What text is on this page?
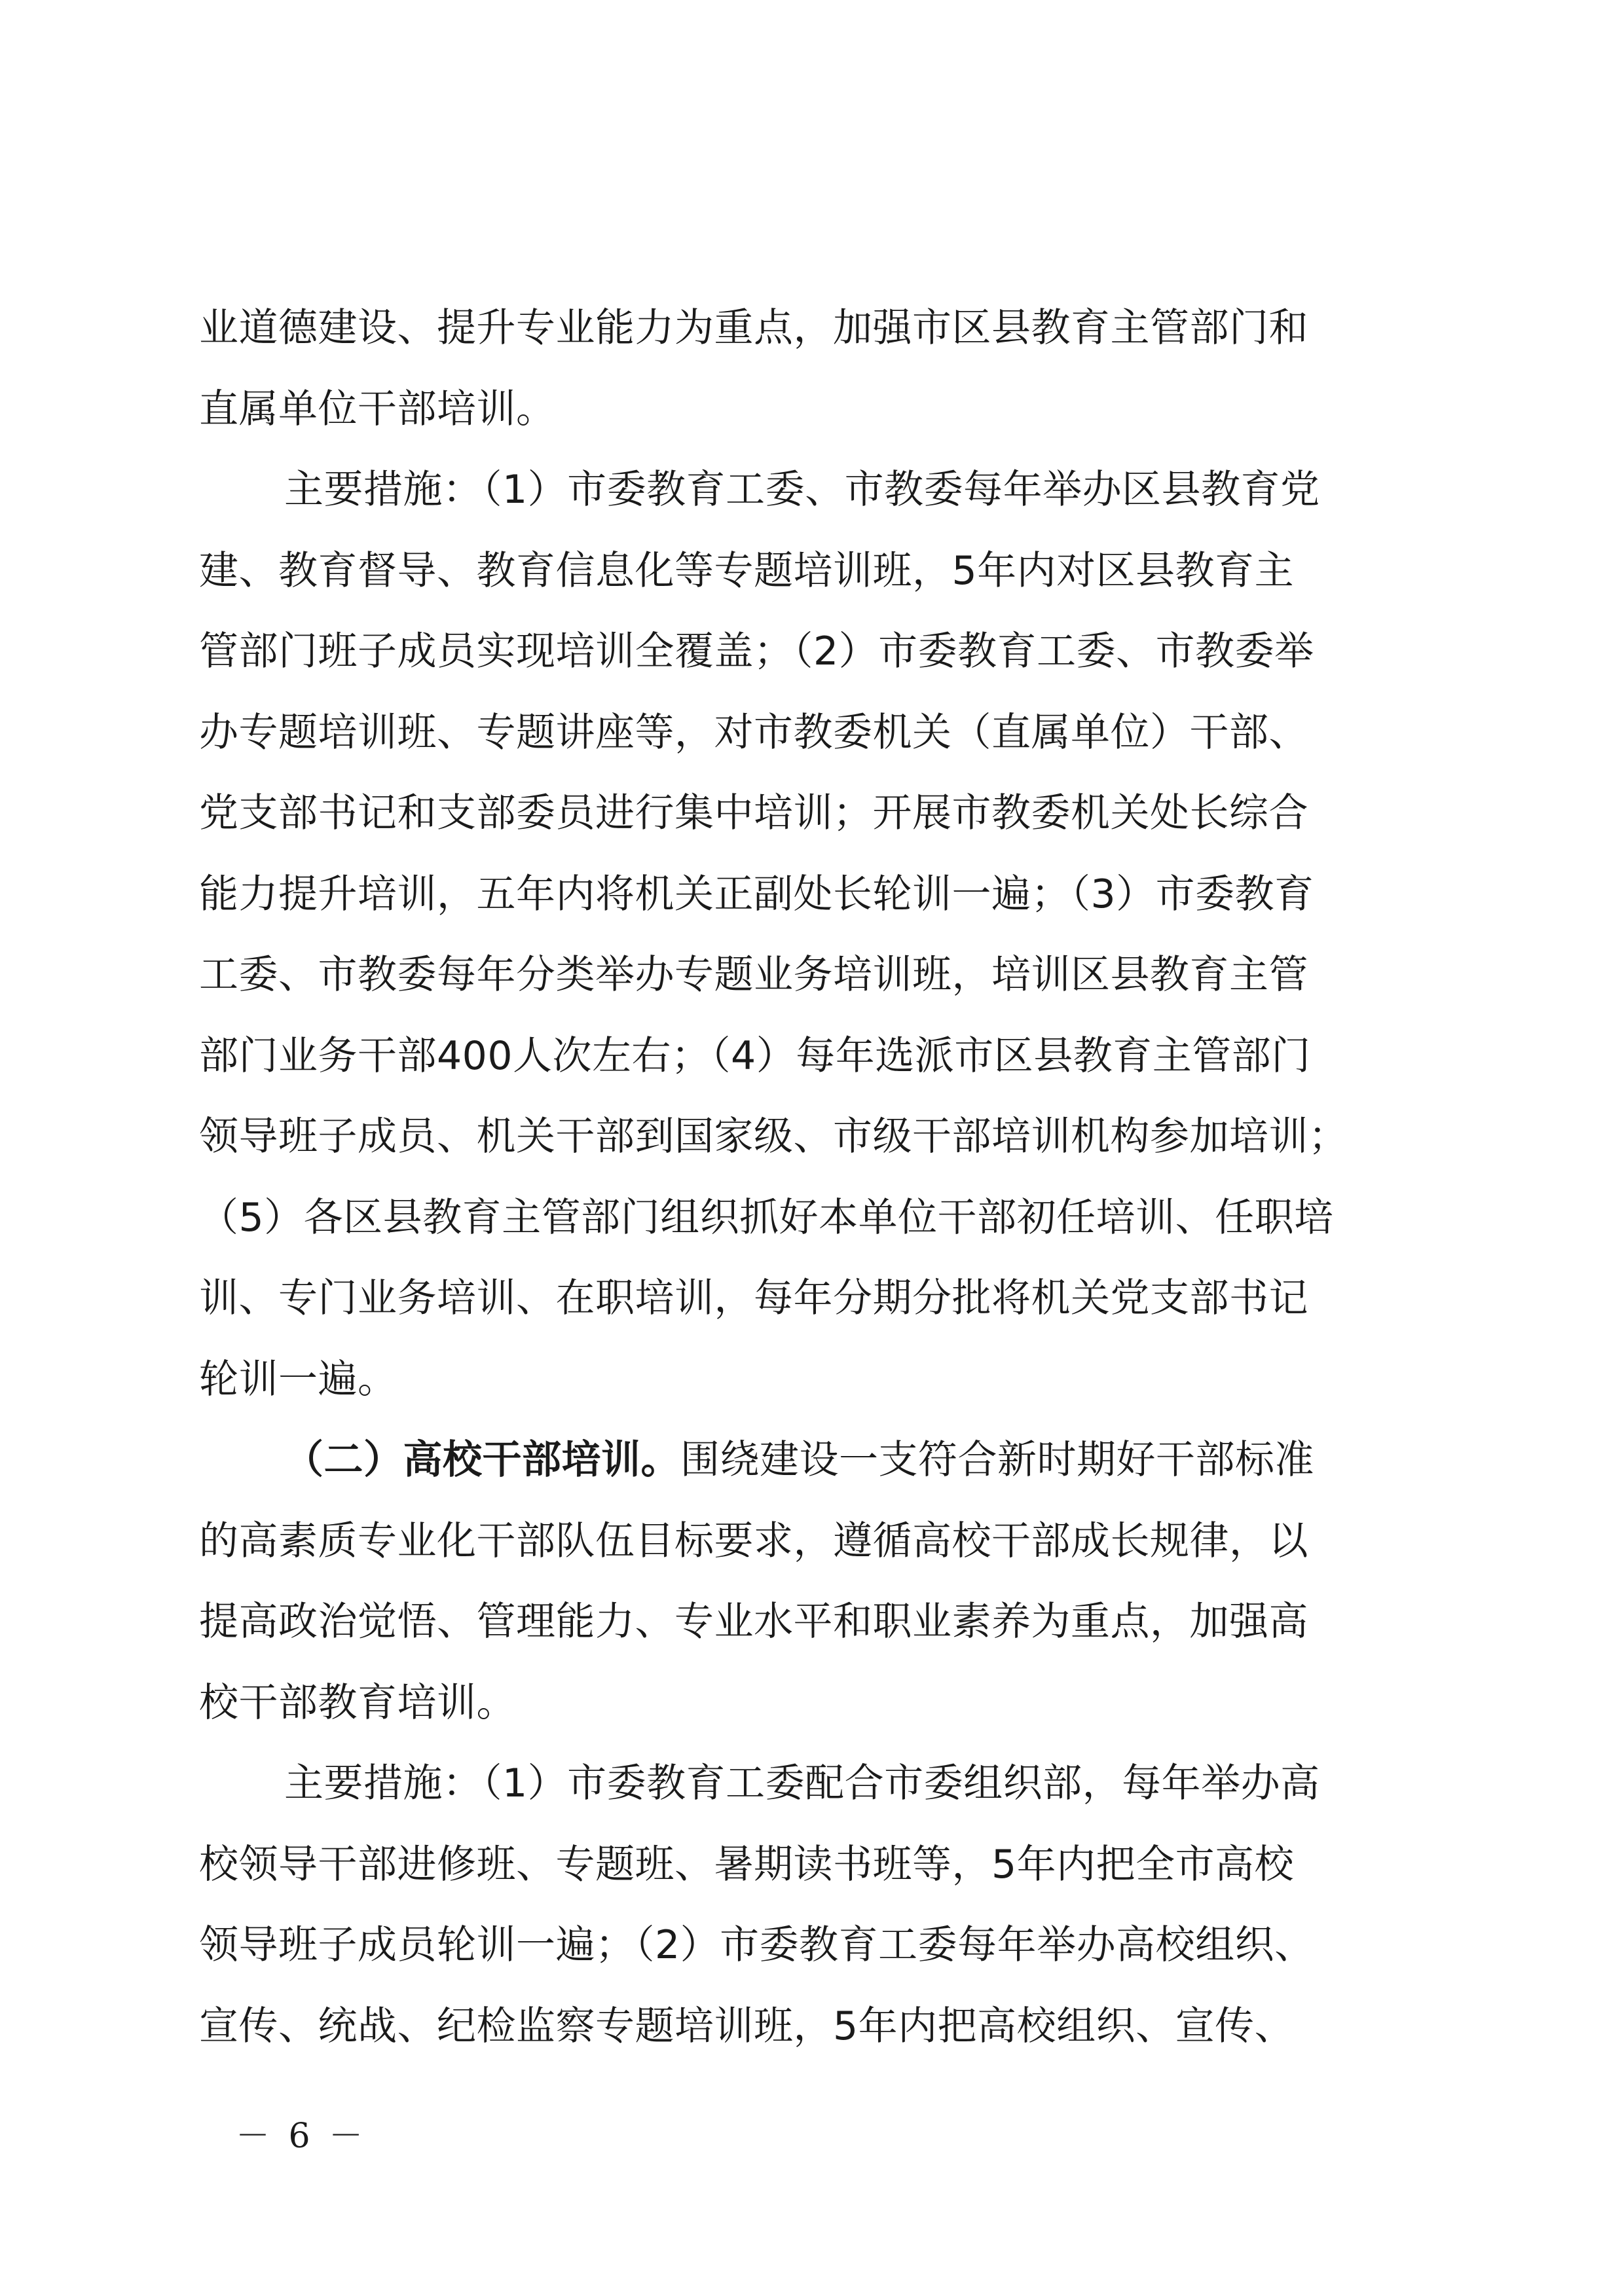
业道德建设、提升专业能力为重点，加强市区县教育主管部门和
直属单位干部培训。
主要措施：（1）市委教育工委、市教委每年举办区县教育党
建、教育督导、教育信息化等专题培训班，5年内对区县教育主
管部门班子成员实现培训全覆盖；（2）市委教育工委、市教委举
办专题培训班、专题讲座等，对市教委机关（直属单位）干部、
党支部书记和支部委员进行集中培训；开展市教委机关处长综合
能力提升培训，五年内将机关正副处长轮训一遍；（3）市委教育
工委、市教委每年分类举办专题业务培训班，培训区县教育主管
部门业务干部400人次左右；（4）每年选派市区县教育主管部门
领导班子成员、机关干部到国家级、市级干部培训机构参加培训；
（5）各区县教育主管部门组织抓好本单位干部初任培训、任职培
训、专门业务培训、在职培训，每年分期分批将机关党支部书记
轮训一遍。
（二）高校干部培训。围绕建设一支符合新时期好干部标准
的高素质专业化干部队伍目标要求，遵循高校干部成长规律，以
提高政治觉悟、管理能力、专业水平和职业素养为重点，加强高
校干部教育培训。
主要措施：（1）市委教育工委配合市委组织部，每年举办高
校领导干部进修班、专题班、暑期读书班等，5年内把全市高校
领导班子成员轮训一遍；（2）市委教育工委每年举办高校组织、
宣传、统战、纪检监察专题培训班，5年内把高校组织、宣传、
－ 6 －
